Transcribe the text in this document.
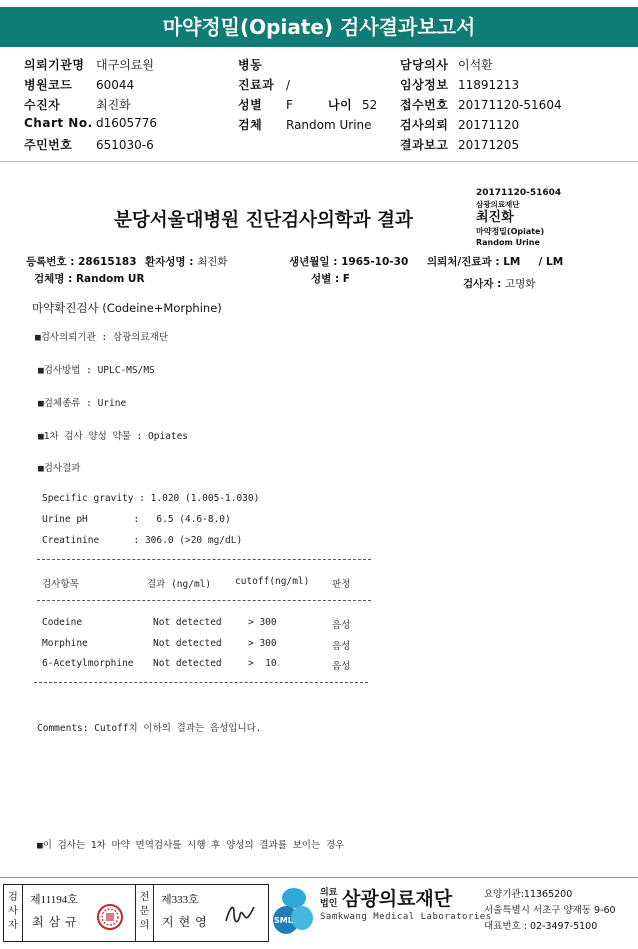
마약정밀(Opiate) 검사결과보고서
의뢰기관명 대구의료원
병원코드 60044
수진자	최진화
Chart No. d1605776
주민번호 651030-6
병동
진료과 /
성별 F	나이 52
검체 Random Urine
담당의사 이석환
임상정보 11891213
접수번호 20171120-51604
검사의뢰 20171120
결과보고 20171205
20171120-51604
삼광의료재단
최진화
마약정밀(Opiate)
Random Urine
분당서울대병원 진단검사의학과 결과
등록번호 : 28615183 환자성명 : 최진화	생년월일 : 1965-10-30 의뢰처/진료과 : LM / LM
검체명 : Random UR	성별 : F	검사자 : 고명화
마약확진검사 (Codeine+Morphine)
■검사의뢰기관 : 삼광의료재단
■검사방법 : UPLC-MS/MS
■검체종류 : Urine
■1차 검사 양성 약물 : Opiates
■검사결과
Specific gravity : 1.020 (1.005-1.030)
Urine pH        :   6.5 (4.6-8.0)
Creatinine      : 306.0 (>20 mg/dL)
검사항목	결과 (ng/ml)	cutoff(ng/ml) 판정
Codeine	Not detected	> 300	음성
Morphine	Not detected	> 300	음성
6-Acetylmorphine Not detected	>  10	음성
Comments: Cutoff치 이하의 결과는 음성입니다.
■이 검사는 1차 마약 면역검사를 시행 후 양성의 결과를 보이는 경우
검사자
제11194호
최 삼 규
전문의
제333호
지 현 영	SML
의료법인 삼광의료재단
Samkwang Medical Laboratories
요양기관:11365200
서울특별시 서초구 양재동 9-60
대표번호 : 02-3497-5100
